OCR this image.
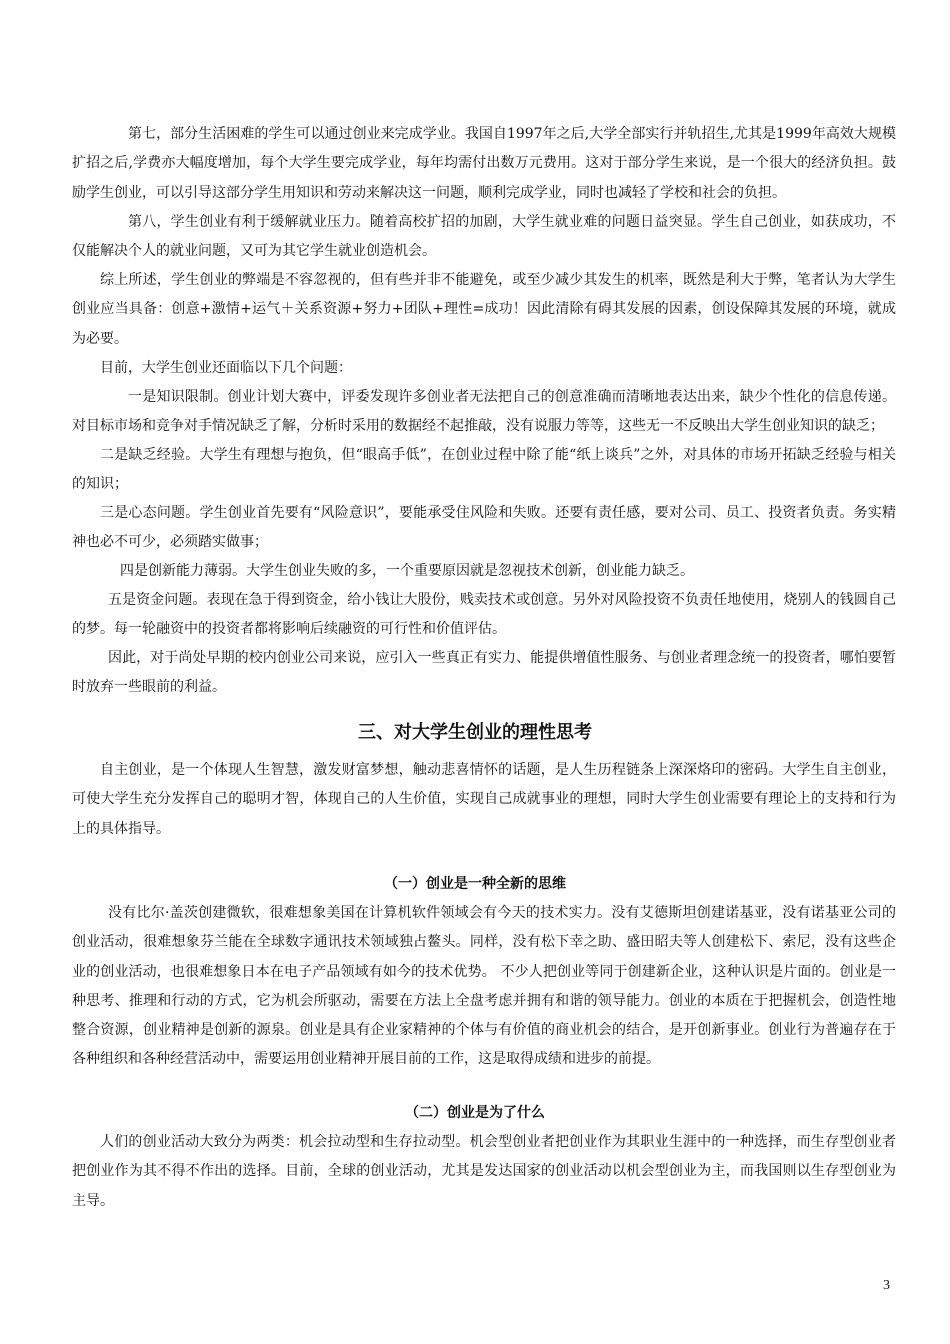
第七，部分生活困难的学生可以通过创业来完成学业。我国自1997年之后,大学全部实行并轨招生,尤其是1999年高效大规模扩招之后,学费亦大幅度增加，每个大学生要完成学业，每年均需付出数万元费用。这对于部分学生来说，是一个很大的经济负担。鼓励学生创业，可以引导这部分学生用知识和劳动来解决这一问题，顺利完成学业，同时也减轻了学校和社会的负担。

第八，学生创业有利于缓解就业压力。随着高校扩招的加剧，大学生就业难的问题日益突显。学生自己创业，如获成功，不仅能解决个人的就业问题，又可为其它学生就业创造机会。

综上所述，学生创业的弊端是不容忽视的，但有些并非不能避免，或至少减少其发生的机率，既然是利大于弊，笔者认为大学生创业应当具备：创意+激情+运气＋关系资源+努力+团队+理性=成功！因此清除有碍其发展的因素，创设保障其发展的环境，就成为必要。

目前，大学生创业还面临以下几个问题：

一是知识限制。创业计划大赛中，评委发现许多创业者无法把自己的创意准确而清晰地表达出来，缺少个性化的信息传递。对目标市场和竞争对手情况缺乏了解，分析时采用的数据经不起推敲，没有说服力等等，这些无一不反映出大学生创业知识的缺乏；

二是缺乏经验。大学生有理想与抱负，但“眼高手低”，在创业过程中除了能“纸上谈兵”之外，对具体的市场开拓缺乏经验与相关的知识；

三是心态问题。学生创业首先要有“风险意识”，要能承受住风险和失败。还要有责任感，要对公司、员工、投资者负责。务实精神也必不可少，必须踏实做事；

四是创新能力薄弱。大学生创业失败的多，一个重要原因就是忽视技术创新，创业能力缺乏。

五是资金问题。表现在急于得到资金，给小钱让大股份，贱卖技术或创意。另外对风险投资不负责任地使用，烧别人的钱圆自己的梦。每一轮融资中的投资者都将影响后续融资的可行性和价值评估。

因此，对于尚处早期的校内创业公司来说，应引入一些真正有实力、能提供增值性服务、与创业者理念统一的投资者，哪怕要暂时放弃一些眼前的利益。

三、对大学生创业的理性思考

自主创业，是一个体现人生智慧，激发财富梦想，触动悲喜情怀的话题，是人生历程链条上深深烙印的密码。大学生自主创业，可使大学生充分发挥自己的聪明才智，体现自己的人生价值，实现自己成就事业的理想，同时大学生创业需要有理论上的支持和行为上的具体指导。

（一）创业是一种全新的思维

没有比尔·盖茨创建微软，很难想象美国在计算机软件领域会有今天的技术实力。没有艾德斯坦创建诺基亚，没有诺基亚公司的创业活动，很难想象芬兰能在全球数字通讯技术领域独占鳌头。同样，没有松下幸之助、盛田昭夫等人创建松下、索尼，没有这些企业的创业活动，也很难想象日本在电子产品领域有如今的技术优势。 不少人把创业等同于创建新企业，这种认识是片面的。创业是一种思考、推理和行动的方式，它为机会所驱动，需要在方法上全盘考虑并拥有和谐的领导能力。创业的本质在于把握机会，创造性地整合资源，创业精神是创新的源泉。创业是具有企业家精神的个体与有价值的商业机会的结合，是开创新事业。创业行为普遍存在于各种组织和各种经营活动中，需要运用创业精神开展目前的工作，这是取得成绩和进步的前提。

（二）创业是为了什么

人们的创业活动大致分为两类：机会拉动型和生存拉动型。机会型创业者把创业作为其职业生涯中的一种选择，而生存型创业者把创业作为其不得不作出的选择。目前，全球的创业活动，尤其是发达国家的创业活动以机会型创业为主，而我国则以生存型创业为主导。

3
